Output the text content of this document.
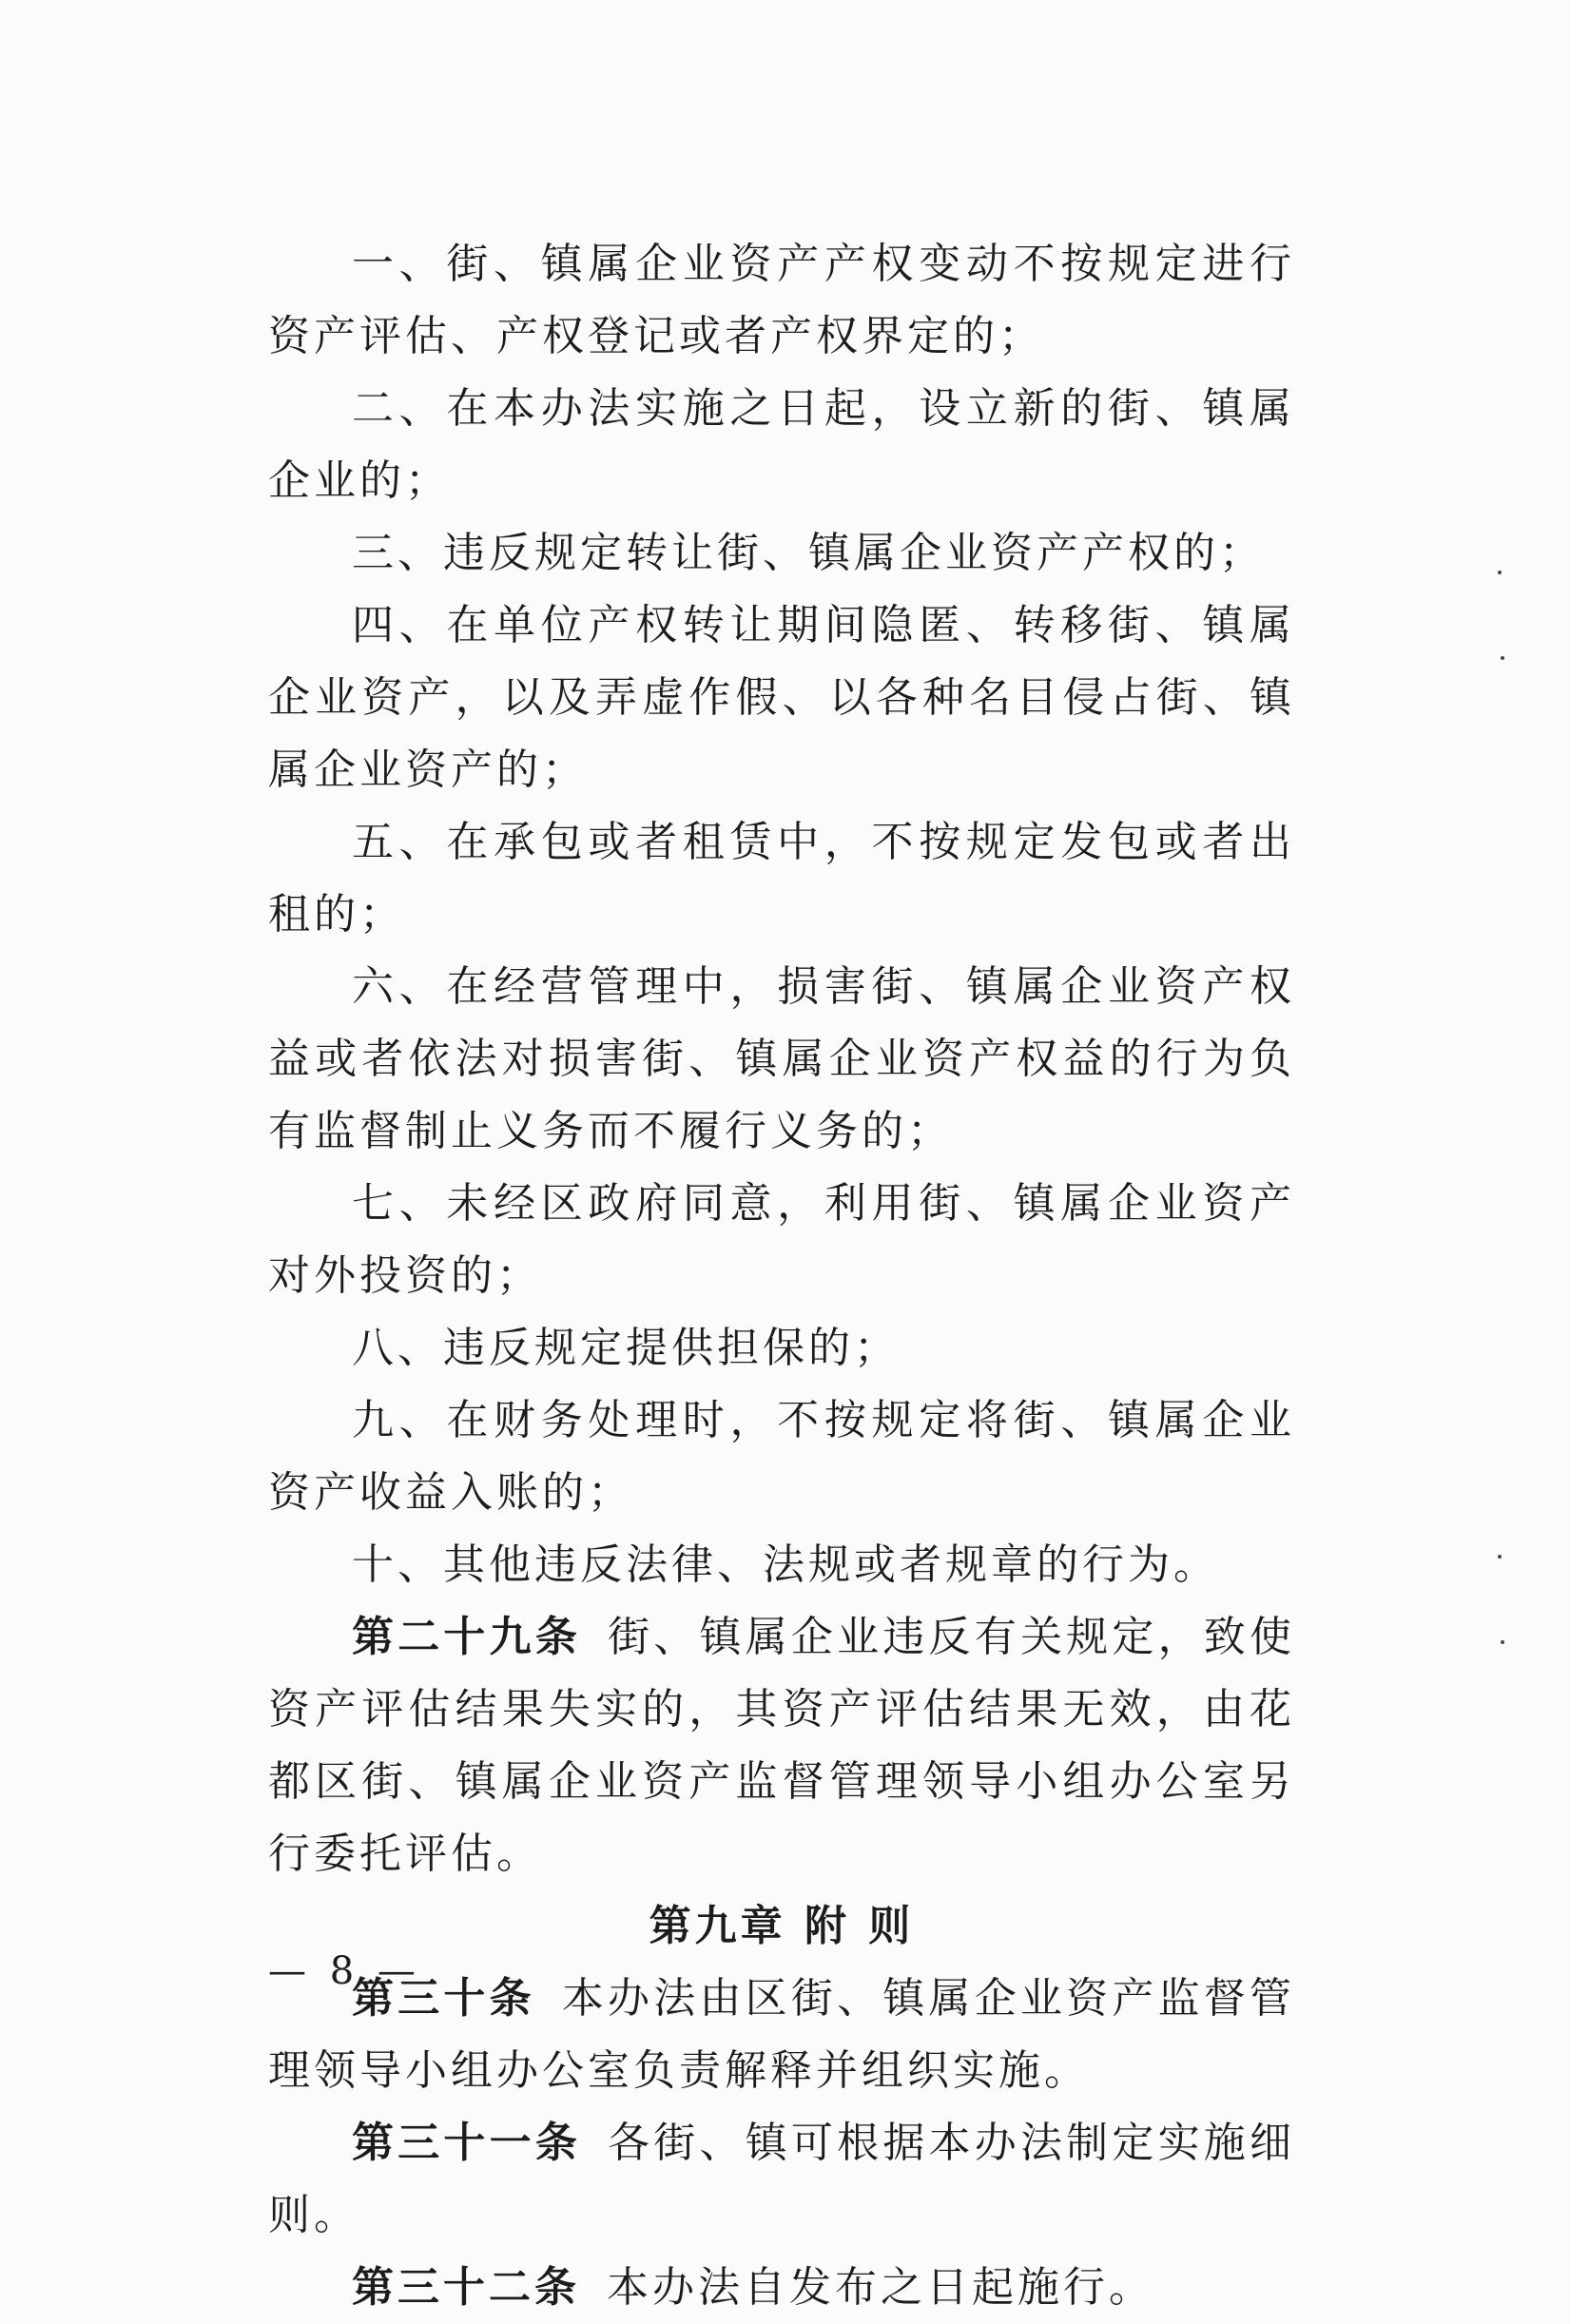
一、街、镇属企业资产产权变动不按规定进行资产评估、产权登记或者产权界定的；

二、在本办法实施之日起，设立新的街、镇属企业的；

三、违反规定转让街、镇属企业资产产权的；

四、在单位产权转让期间隐匿、转移街、镇属企业资产，以及弄虚作假、以各种名目侵占街、镇属企业资产的；

五、在承包或者租赁中，不按规定发包或者出租的；

六、在经营管理中，损害街、镇属企业资产权益或者依法对损害街、镇属企业资产权益的行为负有监督制止义务而不履行义务的；

七、未经区政府同意，利用街、镇属企业资产对外投资的；

八、违反规定提供担保的；

九、在财务处理时，不按规定将街、镇属企业资产收益入账的；

十、其他违反法律、法规或者规章的行为。

第二十九条 街、镇属企业违反有关规定，致使资产评估结果失实的，其资产评估结果无效，由花都区街、镇属企业资产监督管理领导小组办公室另行委托评估。

第九章 附 则

第三十条 本办法由区街、镇属企业资产监督管理领导小组办公室负责解释并组织实施。

第三十一条 各街、镇可根据本办法制定实施细则。

第三十二条 本办法自发布之日起施行。

— 8 —
